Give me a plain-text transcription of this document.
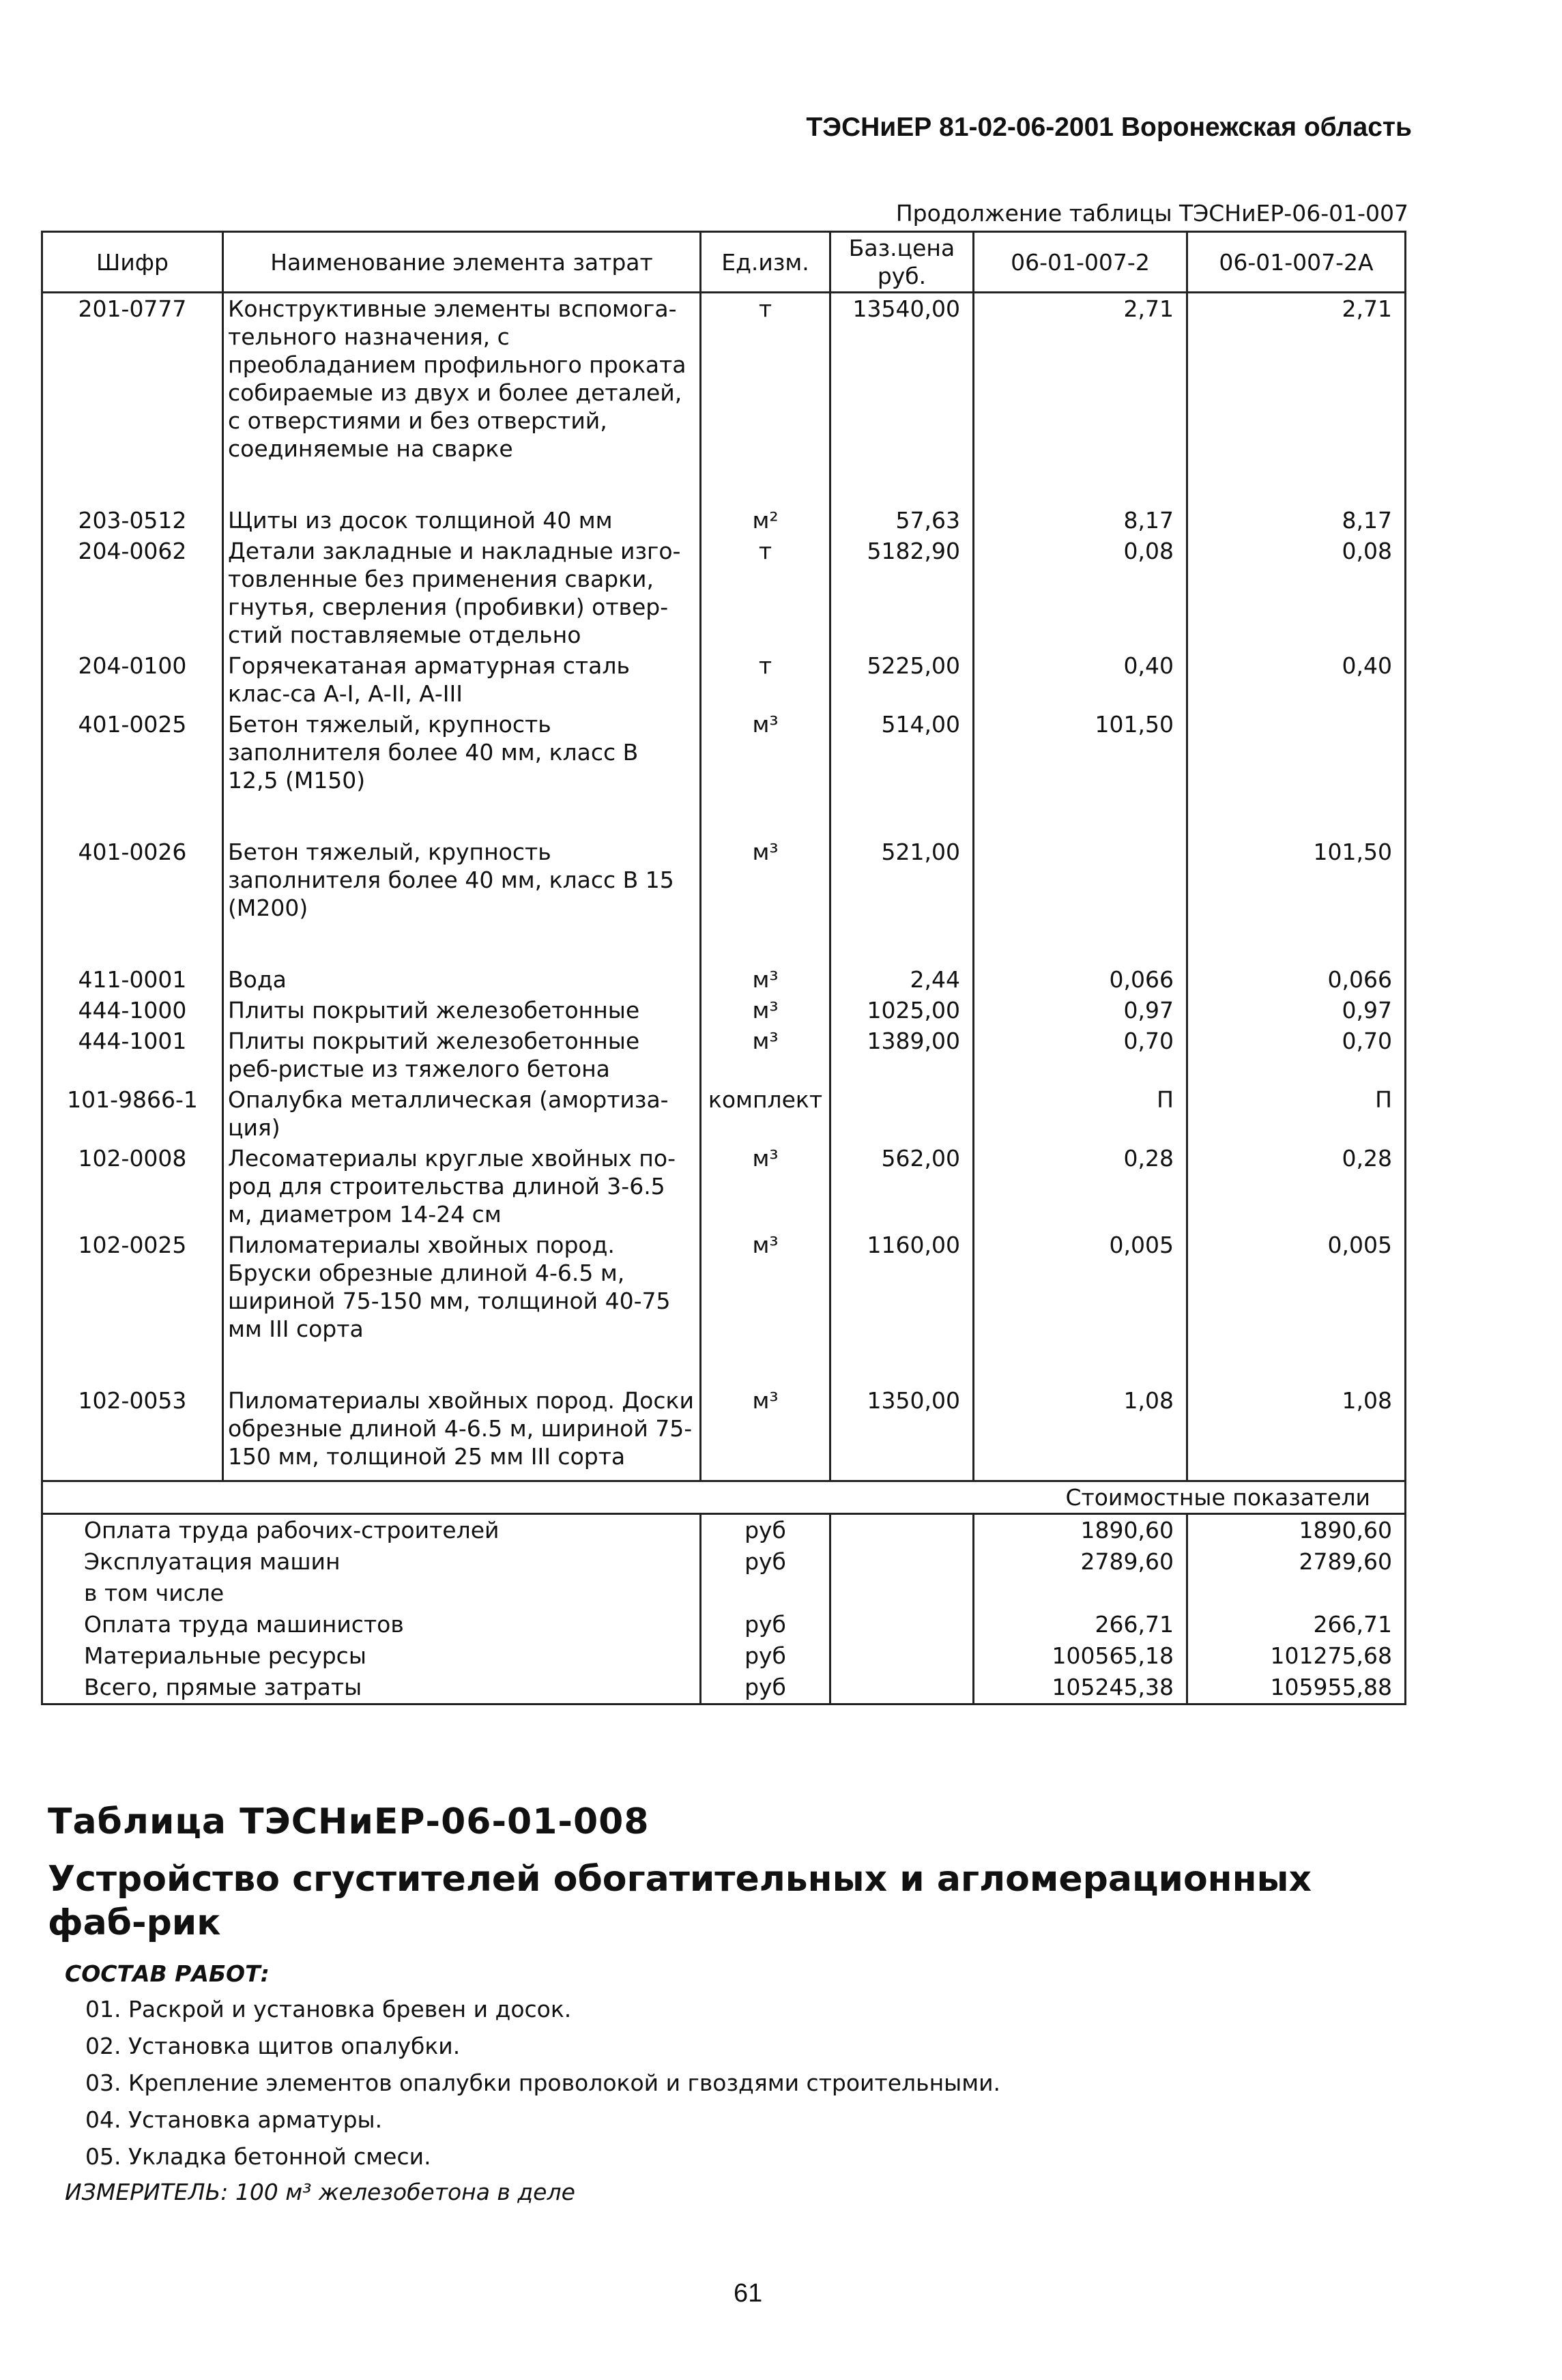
ТЭСНиЕР 81-02-06-2001 Воронежская область
Продолжение таблицы ТЭСНиЕР-06-01-007
Шифр	Наименование элемента затрат	Ед.изм.	Баз.цена руб.	06-01-007-2	06-01-007-2А
201-0777	Конструктивные элементы вспомога-тельного назначения, с преобладанием профильного проката собираемые из двух и более деталей, с отверстиями и без отверстий, соединяемые на сварке	т	13540,00	2,71	2,71

203-0512	Щиты из досок толщиной 40 мм	м²	57,63	8,17	8,17
204-0062	Детали закладные и накладные изго-товленные без применения сварки, гнутья, сверления (пробивки) отвер-стий поставляемые отдельно	т	5182,90	0,08	0,08
204-0100	Горячекатаная арматурная сталь клас-са А-I, А-II, А-III	т	5225,00	0,40	0,40
401-0025	Бетон тяжелый, крупность заполнителя более 40 мм, класс В 12,5 (М150)	м³	514,00	101,50	

401-0026	Бетон тяжелый, крупность заполнителя более 40 мм, класс В 15 (М200)	м³	521,00		101,50

411-0001	Вода	м³	2,44	0,066	0,066
444-1000	Плиты покрытий железобетонные	м³	1025,00	0,97	0,97
444-1001	Плиты покрытий железобетонные реб-ристые из тяжелого бетона	м³	1389,00	0,70	0,70
101-9866-1	Опалубка металлическая (амортиза-ция)	комплект		П	П
102-0008	Лесоматериалы круглые хвойных по-род для строительства длиной 3-6.5 м, диаметром 14-24 см	м³	562,00	0,28	0,28
102-0025	Пиломатериалы хвойных пород. Бруски обрезные длиной 4-6.5 м, шириной 75-150 мм, толщиной 40-75 мм III сорта	м³	1160,00	0,005	0,005

102-0053	Пиломатериалы хвойных пород. Доски обрезные длиной 4-6.5 м, шириной 75-150 мм, толщиной 25 мм III сорта	м³	1350,00	1,08	1,08

Стоимостные показатели					
Оплата труда рабочих-строителей		руб		1890,60	1890,60
Эксплуатация машин		руб		2789,60	2789,60
в том числе					
Оплата труда машинистов		руб		266,71	266,71
Материальные ресурсы		руб		100565,18	101275,68
Всего, прямые затраты		руб		105245,38	105955,88
Таблица ТЭСНиЕР-06-01-008
Устройство сгустителей обогатительных и агломерационных фаб-рик
СОСТАВ РАБОТ:
01. Раскрой и установка бревен и досок.
02. Установка щитов опалубки.
03. Крепление элементов опалубки проволокой и гвоздями строительными.
04. Установка арматуры.
05. Укладка бетонной смеси.
ИЗМЕРИТЕЛЬ: 100 м³ железобетона в деле
61
